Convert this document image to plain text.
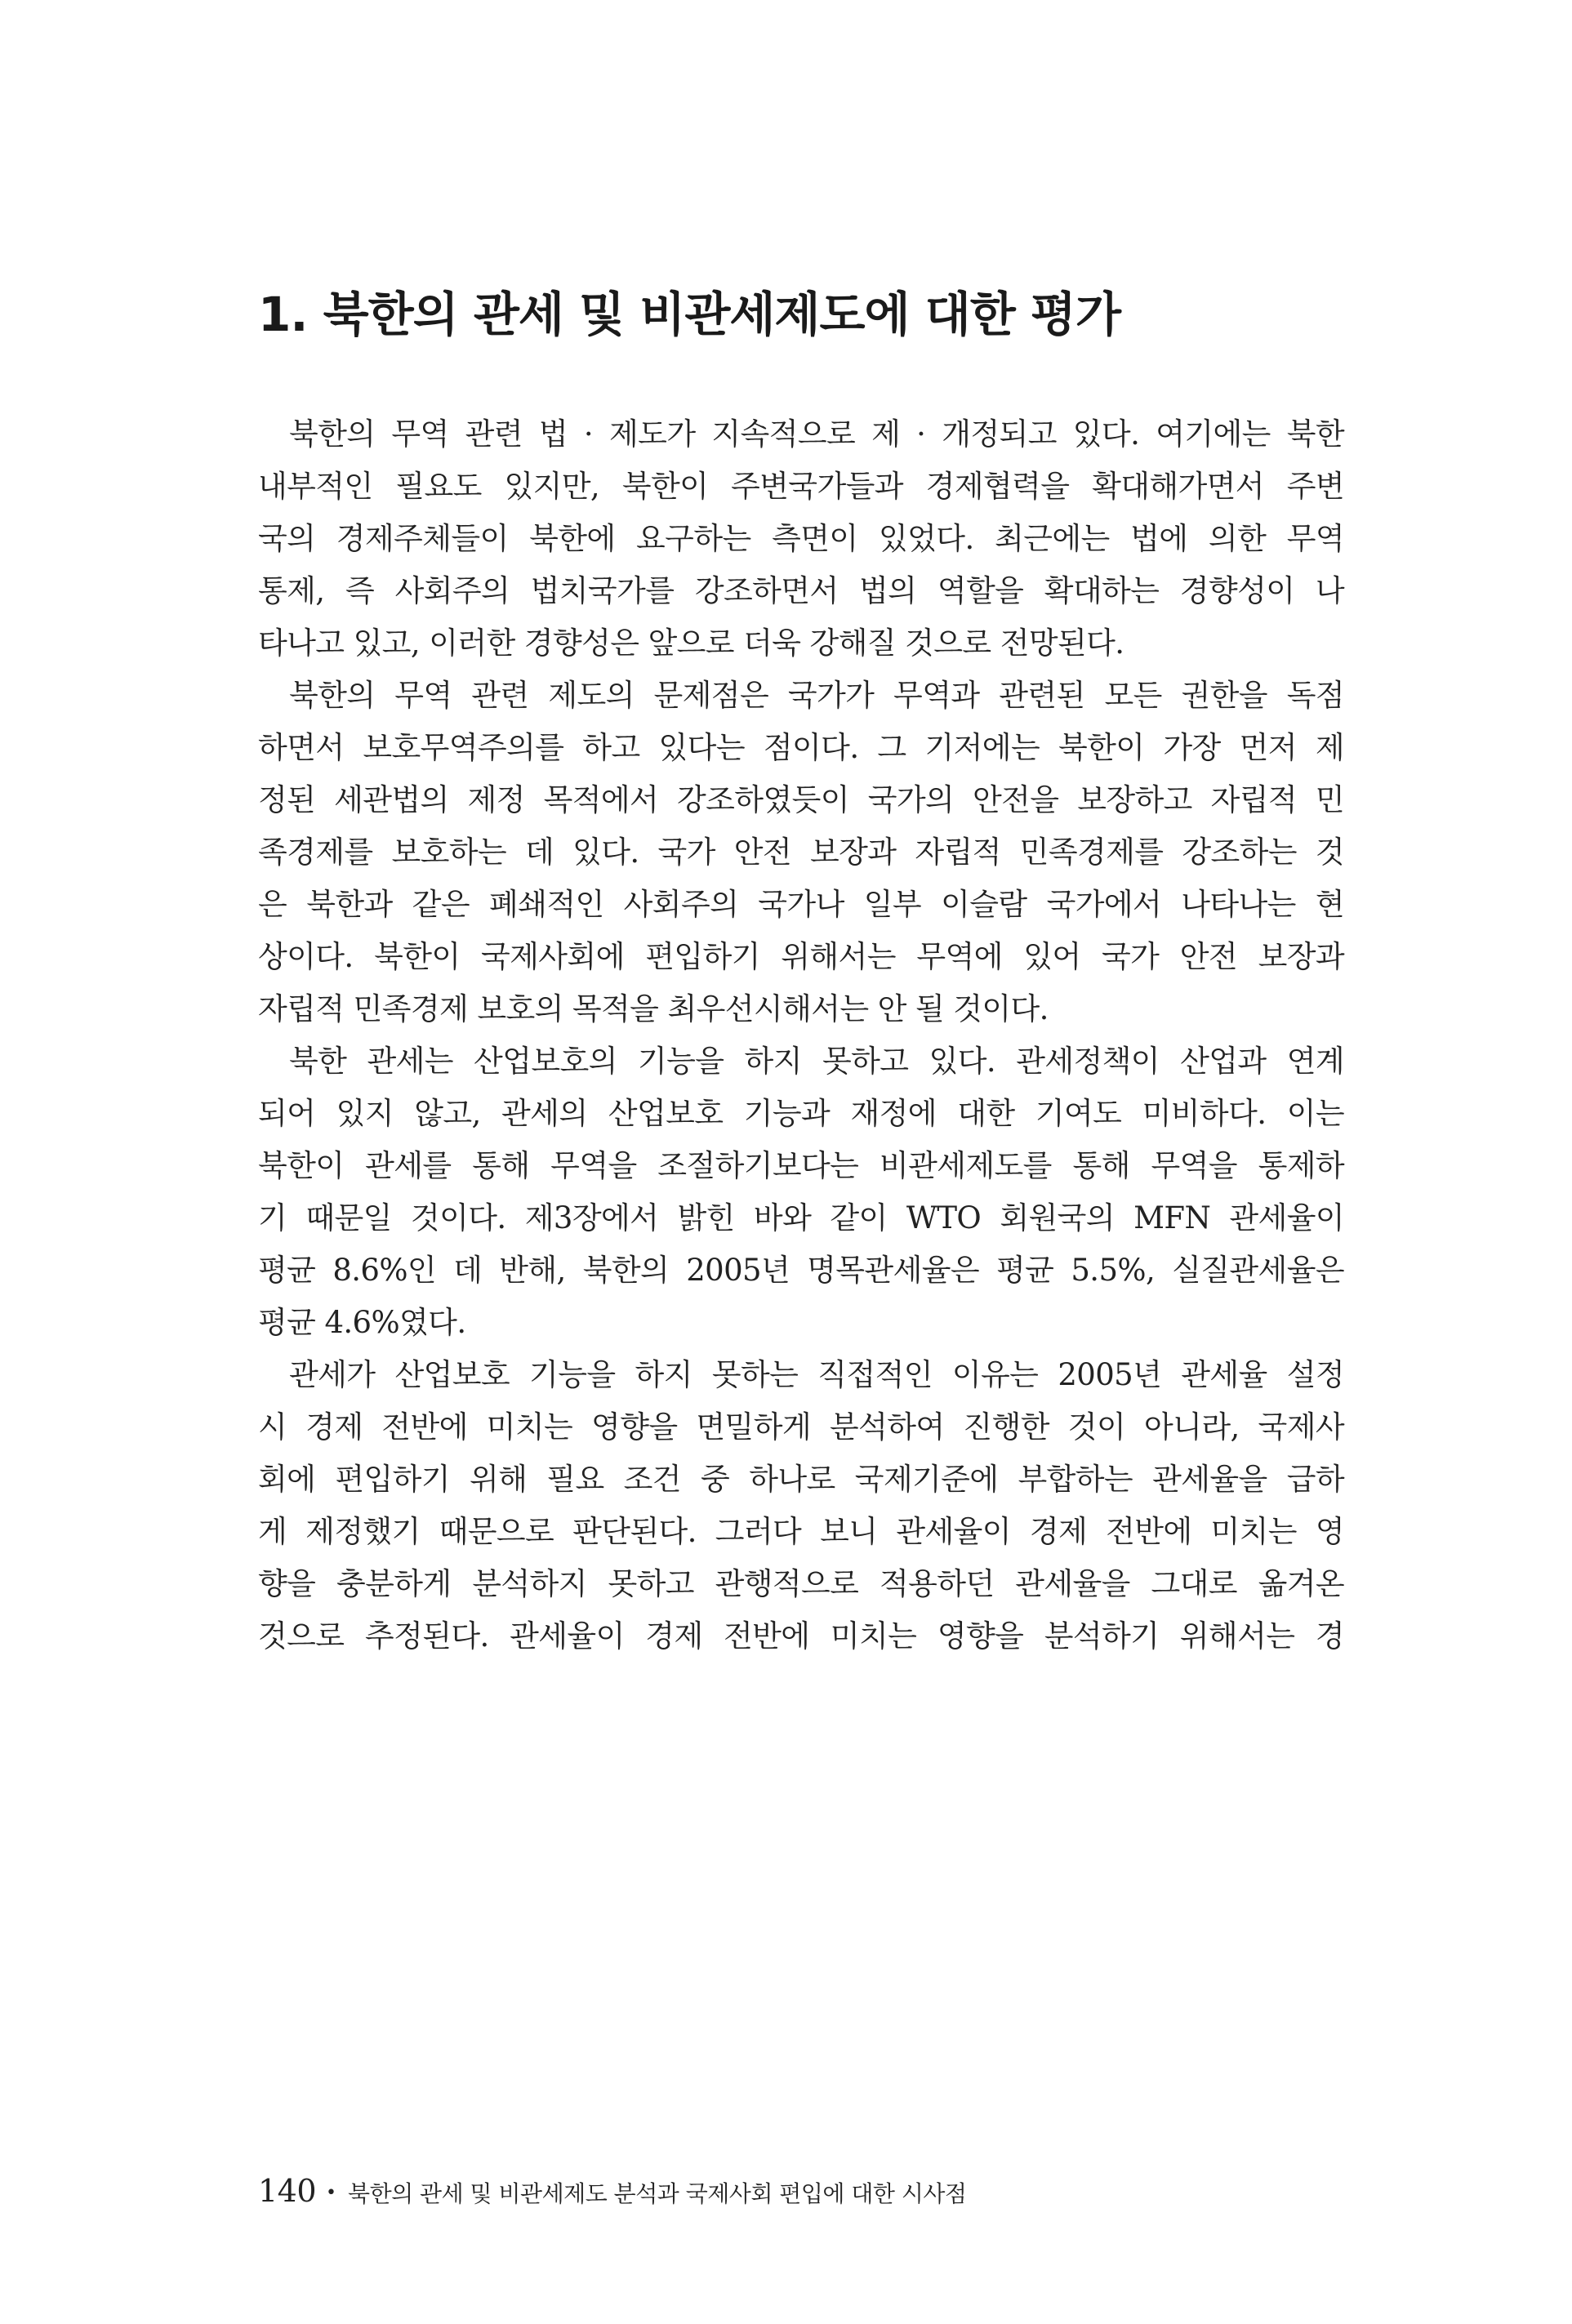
1. 북한의 관세 및 비관세제도에 대한 평가
북한의 무역 관련 법 · 제도가 지속적으로 제 · 개정되고 있다. 여기에는 북한
내부적인 필요도 있지만, 북한이 주변국가들과 경제협력을 확대해가면서 주변
국의 경제주체들이 북한에 요구하는 측면이 있었다. 최근에는 법에 의한 무역
통제, 즉 사회주의 법치국가를 강조하면서 법의 역할을 확대하는 경향성이 나
타나고 있고, 이러한 경향성은 앞으로 더욱 강해질 것으로 전망된다.
북한의 무역 관련 제도의 문제점은 국가가 무역과 관련된 모든 권한을 독점
하면서 보호무역주의를 하고 있다는 점이다. 그 기저에는 북한이 가장 먼저 제
정된 세관법의 제정 목적에서 강조하였듯이 국가의 안전을 보장하고 자립적 민
족경제를 보호하는 데 있다. 국가 안전 보장과 자립적 민족경제를 강조하는 것
은 북한과 같은 폐쇄적인 사회주의 국가나 일부 이슬람 국가에서 나타나는 현
상이다. 북한이 국제사회에 편입하기 위해서는 무역에 있어 국가 안전 보장과
자립적 민족경제 보호의 목적을 최우선시해서는 안 될 것이다.
북한 관세는 산업보호의 기능을 하지 못하고 있다. 관세정책이 산업과 연계
되어 있지 않고, 관세의 산업보호 기능과 재정에 대한 기여도 미비하다. 이는
북한이 관세를 통해 무역을 조절하기보다는 비관세제도를 통해 무역을 통제하
기 때문일 것이다. 제3장에서 밝힌 바와 같이 WTO 회원국의 MFN 관세율이
평균 8.6%인 데 반해, 북한의 2005년 명목관세율은 평균 5.5%, 실질관세율은
평균 4.6%였다.
관세가 산업보호 기능을 하지 못하는 직접적인 이유는 2005년 관세율 설정
시 경제 전반에 미치는 영향을 면밀하게 분석하여 진행한 것이 아니라, 국제사
회에 편입하기 위해 필요 조건 중 하나로 국제기준에 부합하는 관세율을 급하
게 제정했기 때문으로 판단된다. 그러다 보니 관세율이 경제 전반에 미치는 영
향을 충분하게 분석하지 못하고 관행적으로 적용하던 관세율을 그대로 옮겨온
것으로 추정된다. 관세율이 경제 전반에 미치는 영향을 분석하기 위해서는 경
140 • 북한의 관세 및 비관세제도 분석과 국제사회 편입에 대한 시사점
